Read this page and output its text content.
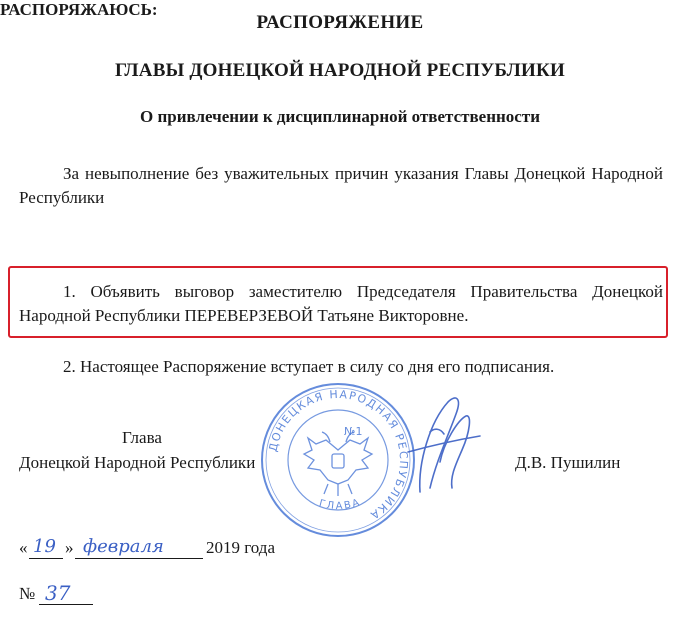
РАСПОРЯЖЕНИЕ
ГЛАВЫ ДОНЕЦКОЙ НАРОДНОЙ РЕСПУБЛИКИ
О привлечении к дисциплинарной ответственности
За невыполнение без уважительных причин указания Главы Донецкой Народной Республики
РАСПОРЯЖАЮСЬ:
1. Объявить выговор заместителю Председателя Правительства Донецкой Народной Республики ПЕРЕВЕРЗЕВОЙ Татьяне Викторовне.
2. Настоящее Распоряжение вступает в силу со дня его подписания.
ДОНЕЦКАЯ НАРОДНАЯ РЕСПУБЛИКА
ГЛАВА
№1
Глава
Донецкой Народной Республики	Д.В. Пушилин
« 19 » февраля 2019 года
№ 37
